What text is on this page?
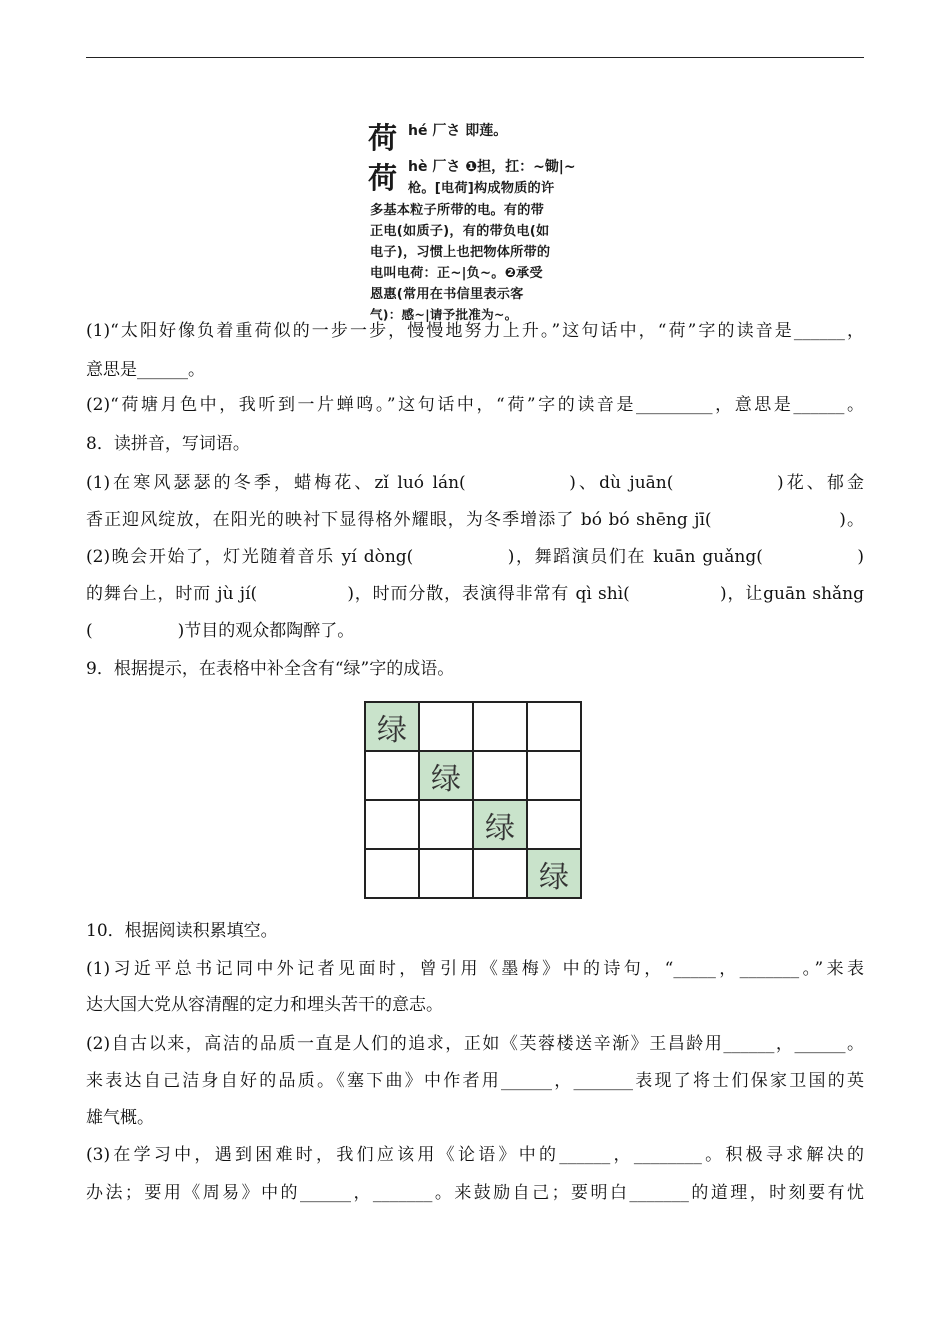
荷 hé 厂さ 即莲。
荷 hè 厂さ ❶担，扛：~锄|~
枪。[电荷]构成物质的许
多基本粒子所带的电。有的带
正电(如质子)，有的带负电(如
电子)，习惯上也把物体所带的
电叫电荷：正~|负~。❷承受
恩惠(常用在书信里表示客
气)：感~|请予批准为~。
(1)“太阳好像负着重荷似的一步一步，慢慢地努力上升。”这句话中，“荷”字的读音是______，
意思是______。
(2)“荷塘月色中，我听到一片蝉鸣。”这句话中，“荷”字的读音是_________，意思是______。
8．读拼音，写词语。
(1)在寒风瑟瑟的冬季，蜡梅花、zǐ luó lán(　　　　　)、dù juān(　　　　　)花、郁金
香正迎风绽放，在阳光的映衬下显得格外耀眼，为冬季增添了 bó bó shēng jī(　　　　　　　)。
(2)晚会开始了，灯光随着音乐 yí dòng(　　　　　)，舞蹈演员们在 kuān guǎng(　　　　　)
的舞台上，时而 jù jí(　　　　　)，时而分散，表演得非常有 qì shì(　　　　　)，让guān shǎng
(　　　　　)节目的观众都陶醉了。
9．根据提示，在表格中补全含有“绿”字的成语。
绿			
	绿		
		绿	
			绿
10．根据阅读积累填空。
(1)习近平总书记同中外记者见面时，曾引用《墨梅》中的诗句，“_____，_______。”来表
达大国大党从容清醒的定力和埋头苦干的意志。
(2)自古以来，高洁的品质一直是人们的追求，正如《芙蓉楼送辛渐》王昌龄用______，______。
来表达自己洁身自好的品质。《塞下曲》中作者用______，_______表现了将士们保家卫国的英
雄气概。
(3)在学习中，遇到困难时，我们应该用《论语》中的______，________。积极寻求解决的
办法；要用《周易》中的______，_______。来鼓励自己；要明白_______的道理，时刻要有忧
